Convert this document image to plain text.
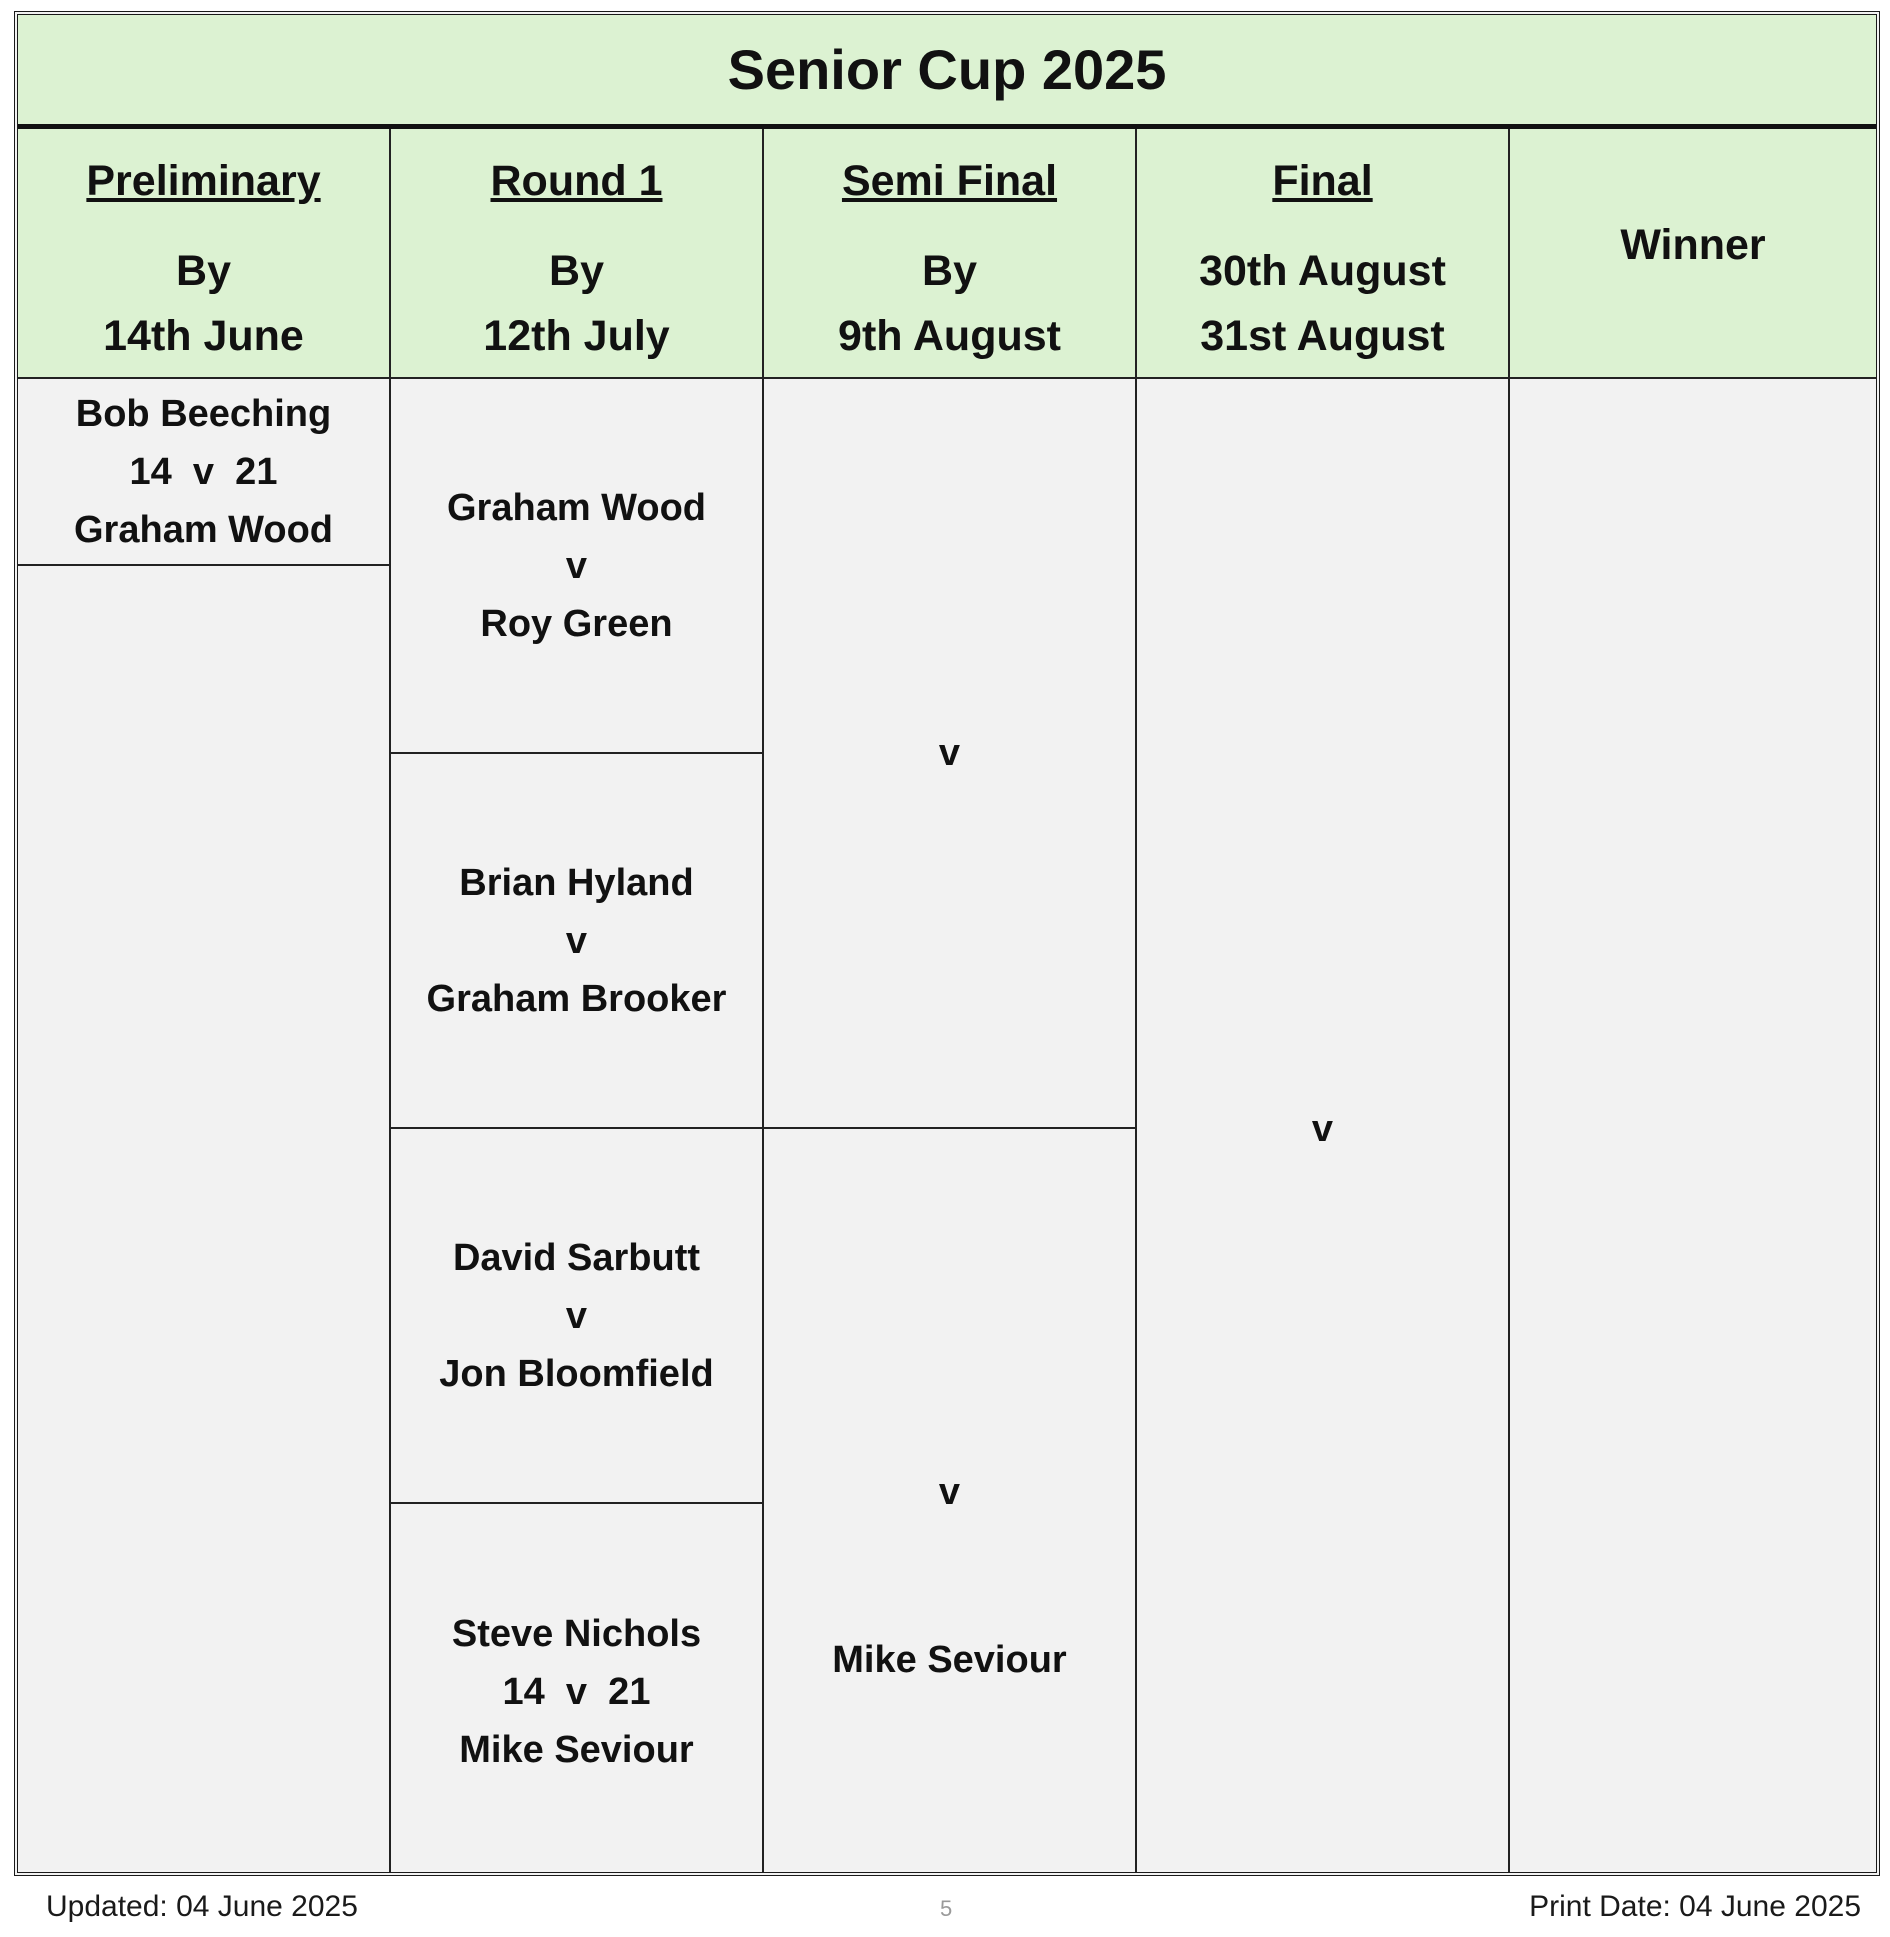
Senior Cup 2025
Preliminary
By
14th June
Round 1
By
12th July
Semi Final
By
9th August
Final
30th August
31st August
Winner
Bob Beeching
14  v  21
Graham Wood
Graham Wood
v
Roy Green
Brian Hyland
v
Graham Brooker
David Sarbutt
v
Jon Bloomfield
Steve Nichols
14  v  21
Mike Seviour
v
v
Mike Seviour
v
Updated: 04 June 2025	5	Print Date: 04 June 2025
